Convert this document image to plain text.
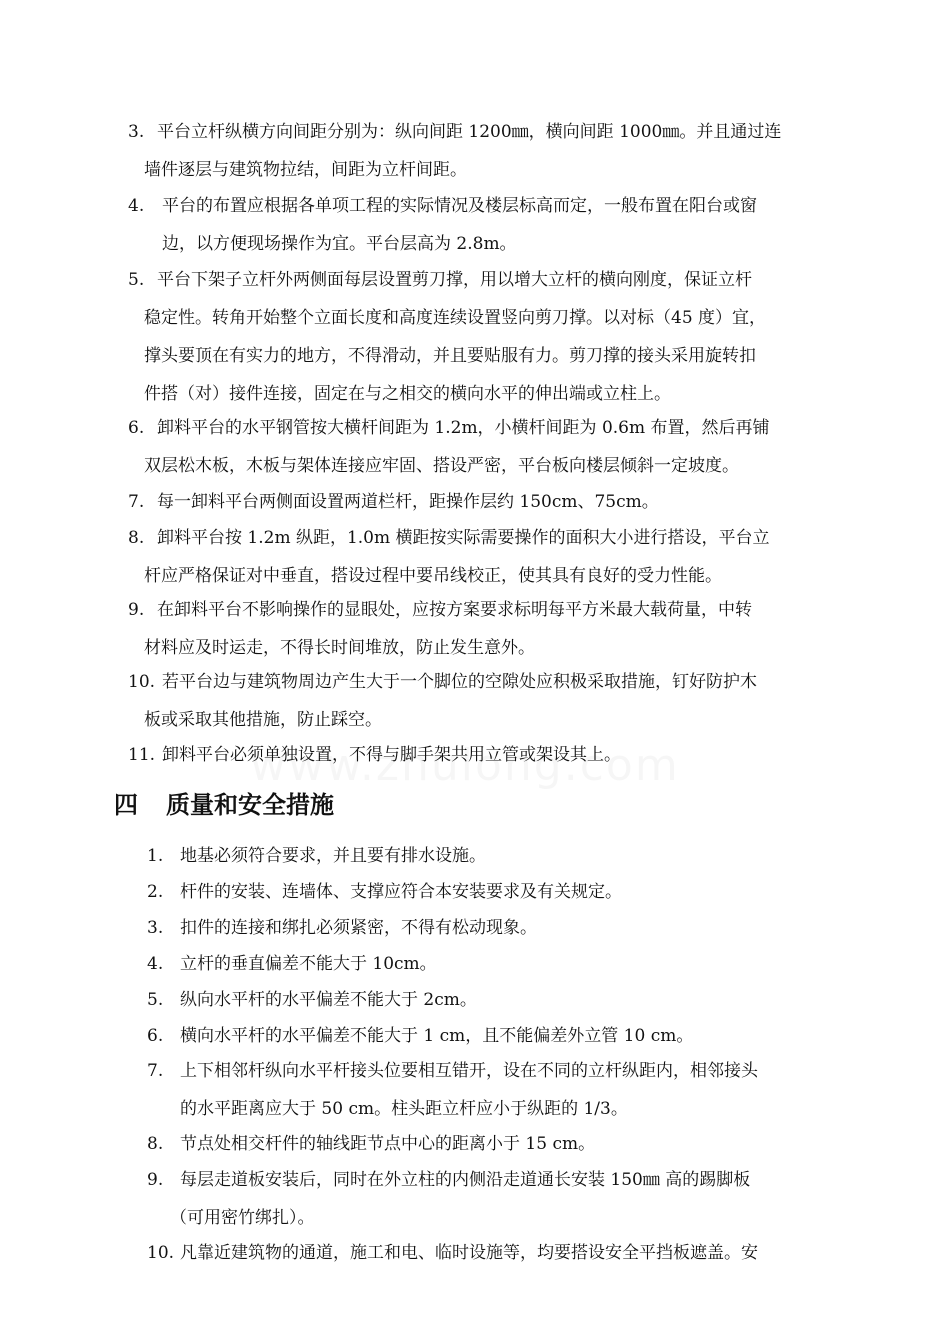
3. 平台立杆纵横方向间距分别为：纵向间距 1200㎜，横向间距 1000㎜。并且通过连
墙件逐层与建筑物拉结，间距为立杆间距。
4. 平台的布置应根据各单项工程的实际情况及楼层标高而定，一般布置在阳台或窗
边，以方便现场操作为宜。平台层高为 2.8m。
5. 平台下架子立杆外两侧面每层设置剪刀撑，用以增大立杆的横向刚度，保证立杆
稳定性。转角开始整个立面长度和高度连续设置竖向剪刀撑。以对标（45 度）宜，
撑头要顶在有实力的地方，不得滑动，并且要贴服有力。剪刀撑的接头采用旋转扣
件搭（对）接件连接，固定在与之相交的横向水平的伸出端或立柱上。
6. 卸料平台的水平钢管按大横杆间距为 1.2m，小横杆间距为 0.6m 布置，然后再铺
双层松木板，木板与架体连接应牢固、搭设严密，平台板向楼层倾斜一定坡度。
7. 每一卸料平台两侧面设置两道栏杆，距操作层约 150cm、75cm。
8. 卸料平台按 1.2m 纵距，1.0m 横距按实际需要操作的面积大小进行搭设，平台立
杆应严格保证对中垂直，搭设过程中要吊线校正，使其具有良好的受力性能。
9. 在卸料平台不影响操作的显眼处，应按方案要求标明每平方米最大载荷量，中转
材料应及时运走，不得长时间堆放，防止发生意外。
10. 若平台边与建筑物周边产生大于一个脚位的空隙处应积极采取措施，钉好防护木
板或采取其他措施，防止踩空。
11. 卸料平台必须单独设置，不得与脚手架共用立管或架设其上。
四 质量和安全措施
1. 地基必须符合要求，并且要有排水设施。
2. 杆件的安装、连墙体、支撑应符合本安装要求及有关规定。
3. 扣件的连接和绑扎必须紧密，不得有松动现象。
4. 立杆的垂直偏差不能大于 10cm。
5. 纵向水平杆的水平偏差不能大于 2cm。
6. 横向水平杆的水平偏差不能大于 1 cm，且不能偏差外立管 10 cm。
7. 上下相邻杆纵向水平杆接头位要相互错开，设在不同的立杆纵距内，相邻接头
的水平距离应大于 50 cm。柱头距立杆应小于纵距的 1/3。
8. 节点处相交杆件的轴线距节点中心的距离小于 15 cm。
9. 每层走道板安装后，同时在外立柱的内侧沿走道通长安装 150㎜ 高的踢脚板
（可用密竹绑扎）。
10. 凡靠近建筑物的通道，施工和电、临时设施等，均要搭设安全平挡板遮盖。安
